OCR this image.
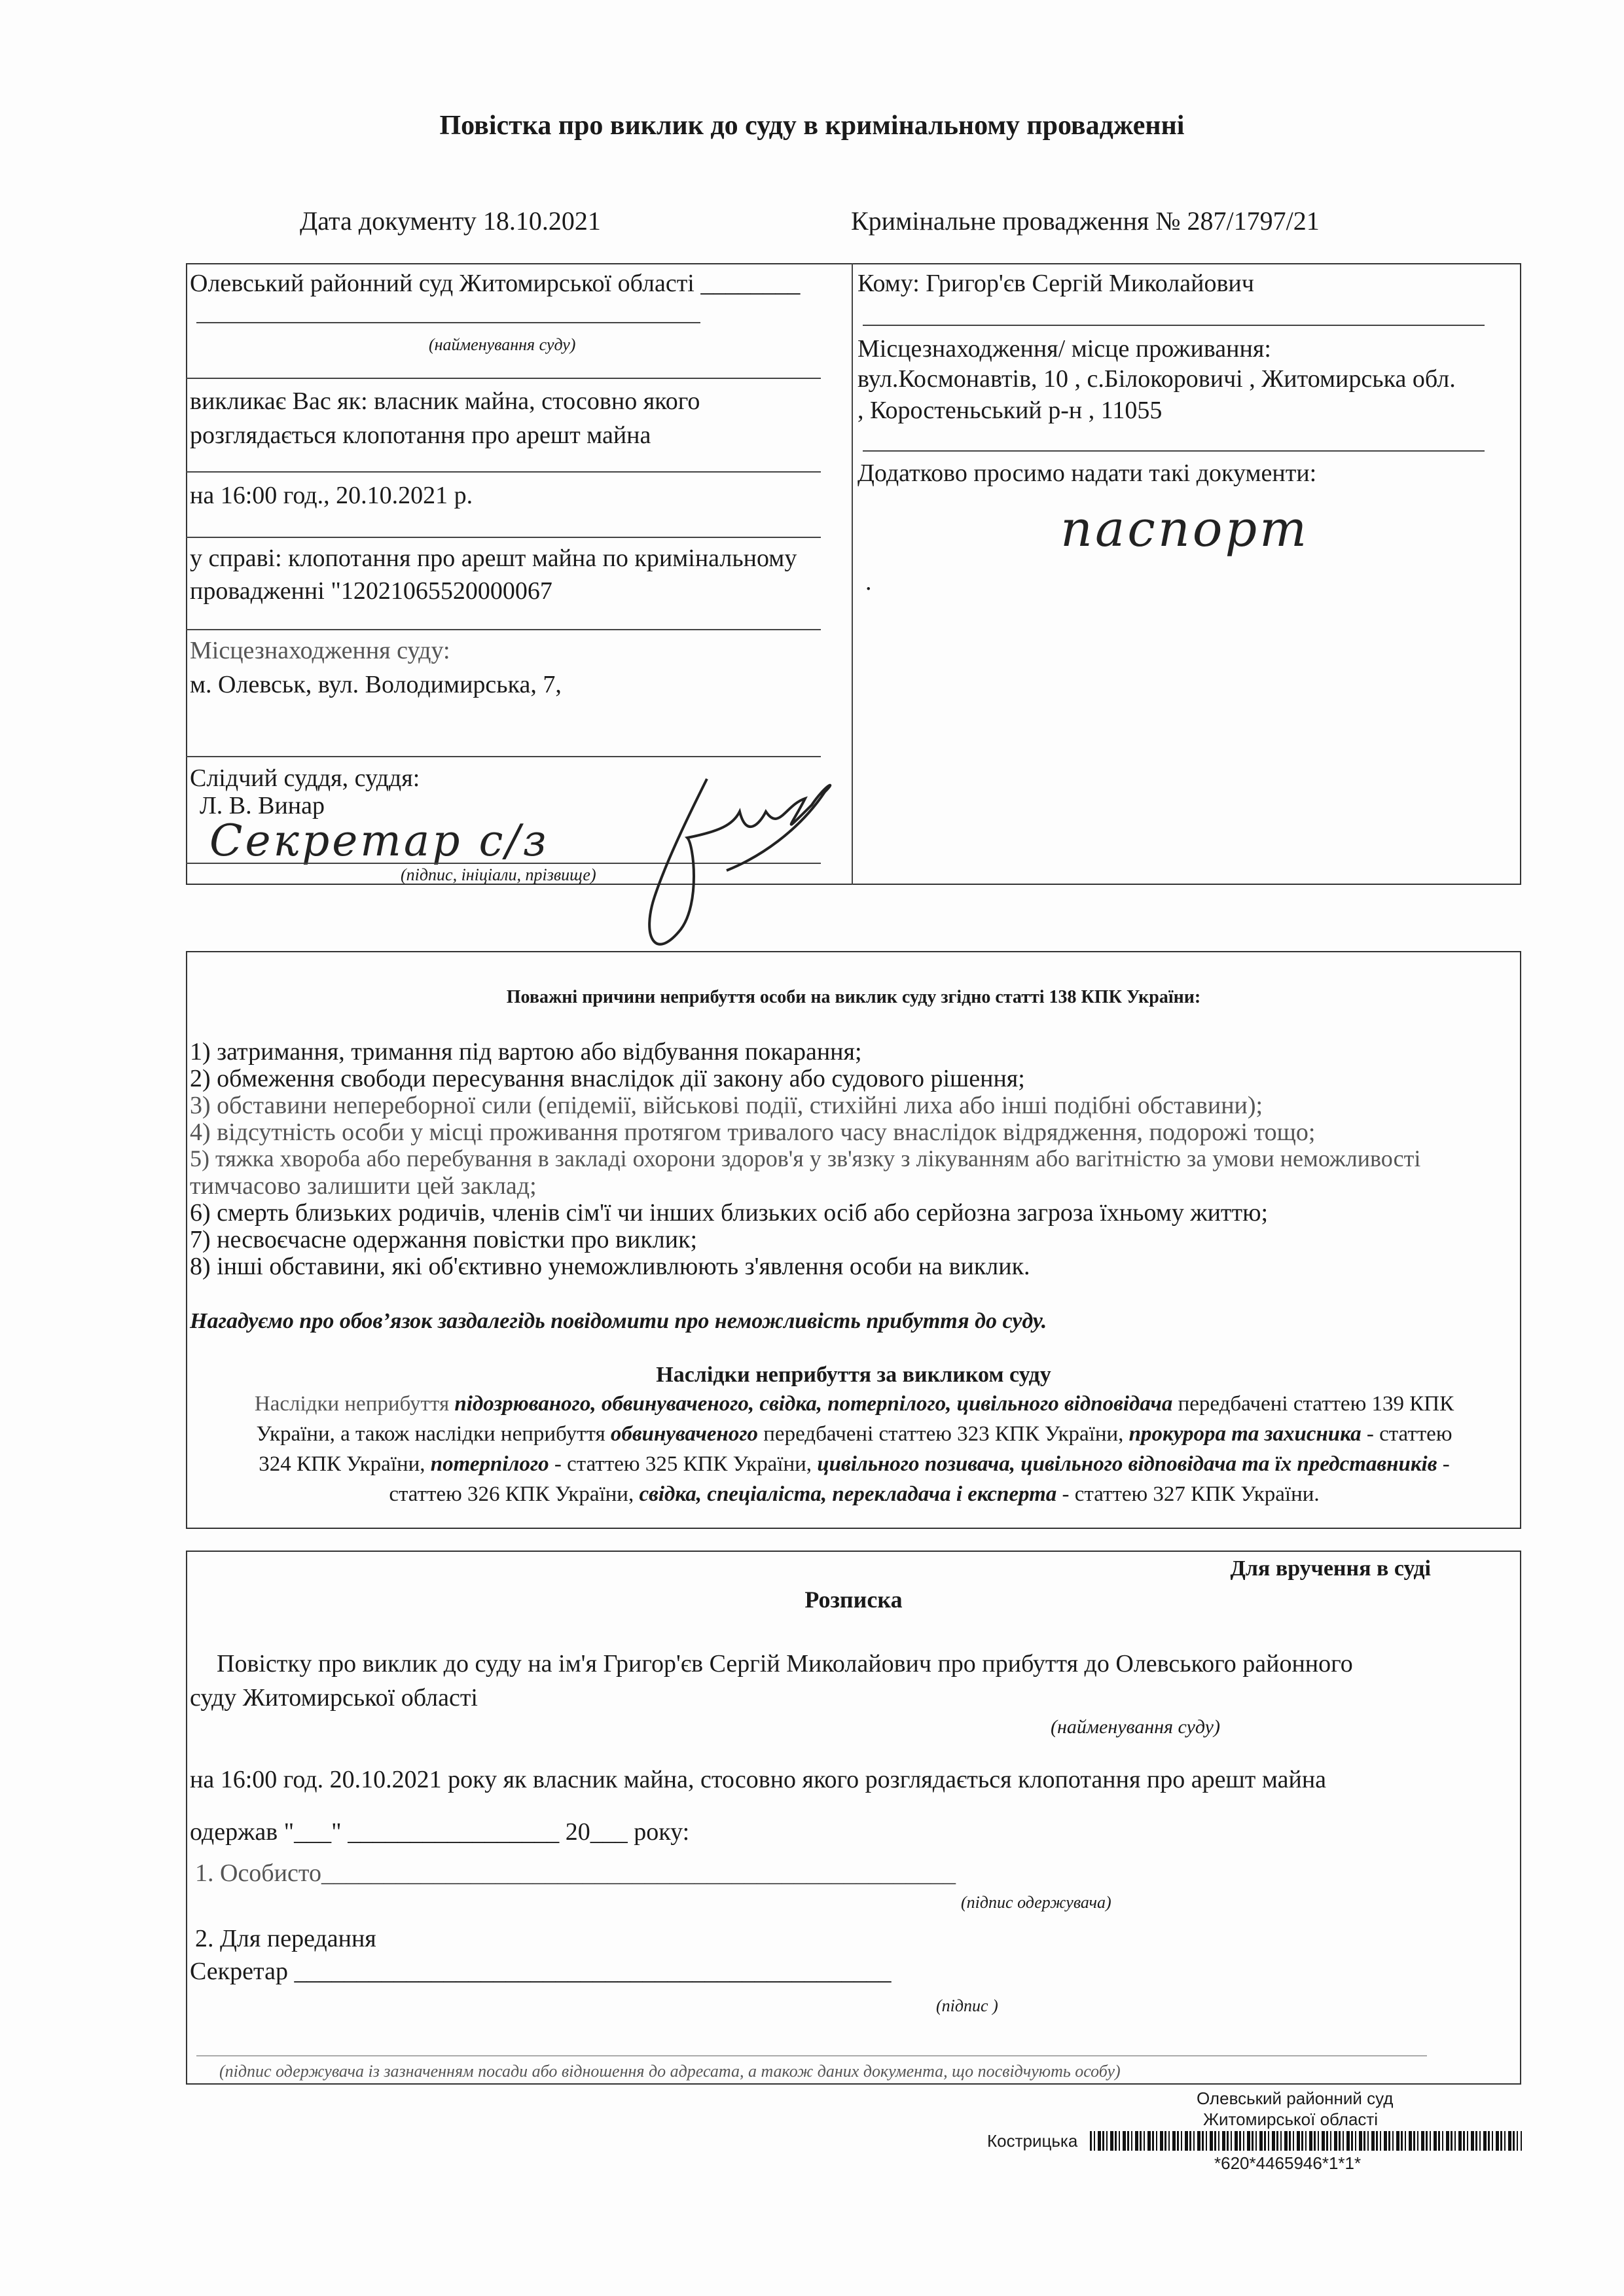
Повістка про виклик до суду в кримінальному провадженні
Дата документу 18.10.2021	Кримінальне провадження № 287/1797/21
Олевський районний суд Житомирської області ________
(найменування суду)
викликає Вас як: власник майна, стосовно якого
розглядається клопотання про арешт майна
на 16:00 год., 20.10.2021 р.
у справі: клопотання про арешт майна по кримінальному
провадженні "12021065520000067
Місцезнаходження суду:
м. Олевськ, вул. Володимирська, 7,
Слідчий суддя, суддя:
Л. В. Винар
Секретар с/з
(підпис, ініціали, прізвище)
Кому: Григор'єв Сергій Миколайович
Місцезнаходження/ місце проживання:
вул.Космонавтів, 10 , с.Білокоровичі , Житомирська обл.
, Коростеньський р-н , 11055
Додатково просимо надати такі документи:
паспорт
.
Поважні причини неприбуття особи на виклик суду згідно статті 138 КПК України:
1) затримання, тримання під вартою або відбування покарання;
2) обмеження свободи пересування внаслідок дії закону або судового рішення;
3) обставини непереборної сили (епідемії, військові події, стихійні лиха або інші подібні обставини);
4) відсутність особи у місці проживання протягом тривалого часу внаслідок відрядження, подорожі тощо;
5) тяжка хвороба або перебування в закладі охорони здоров'я у зв'язку з лікуванням або вагітністю за умови неможливості
тимчасово залишити цей заклад;
6) смерть близьких родичів, членів сім'ї чи інших близьких осіб або серйозна загроза їхньому життю;
7) несвоєчасне одержання повістки про виклик;
8) інші обставини, які об'єктивно унеможливлюють з'явлення особи на виклик.
Нагадуємо про обов’язок заздалегідь повідомити про неможливість прибуття до суду.
Наслідки неприбуття за викликом суду
Наслідки неприбуття підозрюваного, обвинуваченого, свідка, потерпілого, цивільного відповідача передбачені статтею 139 КПК
України, а також наслідки неприбуття обвинуваченого передбачені статтею 323 КПК України, прокурора та захисника - статтею
324 КПК України, потерпілого - статтею 325 КПК України, цивільного позивача, цивільного відповідача та їх представників -
статтею 326 КПК України, свідка, спеціаліста, перекладача і експерта - статтею 327 КПК України.
Для вручення в суді
Розписка
Повістку про виклик до суду на ім'я Григор'єв Сергій Миколайович про прибуття до Олевського районного
суду Житомирської області
(найменування суду)
на 16:00 год. 20.10.2021 року як власник майна, стосовно якого розглядається клопотання про арешт майна
одержав "___" _________________ 20___ року:
1. Особисто___________________________________________________
(підпис одержувача)
2. Для передання
Секретар ________________________________________________
(підпис )
(підпис одержувача із зазначенням посади або відношення до адресата, а також даних документа, що посвідчують особу)
Олевський районний суд
Житомирської області
Кострицька
*620*4465946*1*1*
